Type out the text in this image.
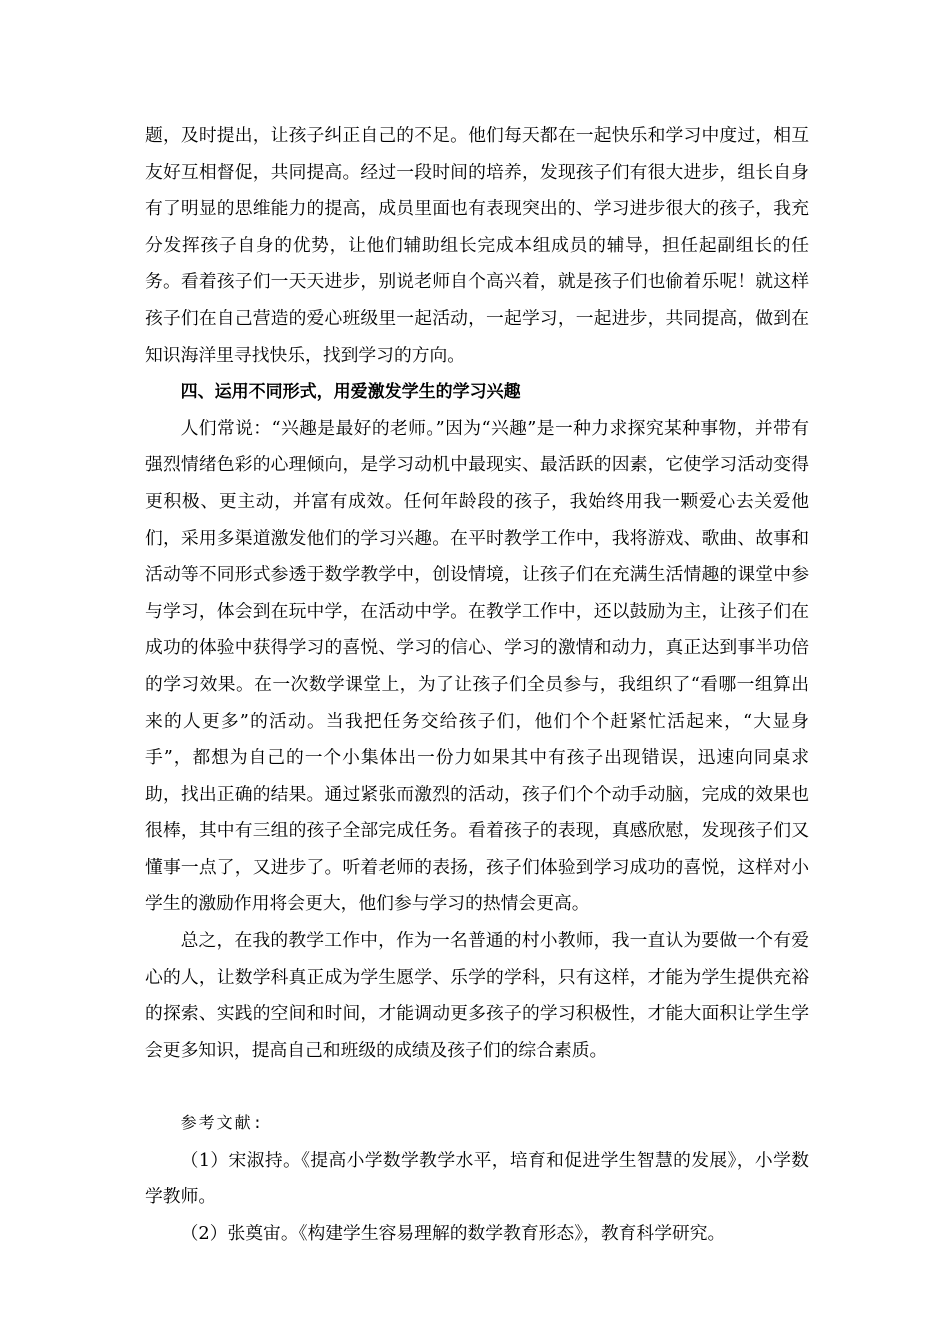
题，及时提出，让孩子纠正自己的不足。他们每天都在一起快乐和学习中度过，相互友好互相督促，共同提高。经过一段时间的培养，发现孩子们有很大进步，组长自身有了明显的思维能力的提高，成员里面也有表现突出的、学习进步很大的孩子，我充分发挥孩子自身的优势，让他们辅助组长完成本组成员的辅导，担任起副组长的任务。看着孩子们一天天进步，别说老师自个高兴着，就是孩子们也偷着乐呢！就这样孩子们在自己营造的爱心班级里一起活动，一起学习，一起进步，共同提高，做到在知识海洋里寻找快乐，找到学习的方向。

四、运用不同形式，用爱激发学生的学习兴趣

人们常说：“兴趣是最好的老师。”因为“兴趣”是一种力求探究某种事物，并带有强烈情绪色彩的心理倾向，是学习动机中最现实、最活跃的因素，它使学习活动变得更积极、更主动，并富有成效。任何年龄段的孩子，我始终用我一颗爱心去关爱他们，采用多渠道激发他们的学习兴趣。在平时教学工作中，我将游戏、歌曲、故事和活动等不同形式参透于数学教学中，创设情境，让孩子们在充满生活情趣的课堂中参与学习，体会到在玩中学，在活动中学。在教学工作中，还以鼓励为主，让孩子们在成功的体验中获得学习的喜悦、学习的信心、学习的激情和动力，真正达到事半功倍的学习效果。在一次数学课堂上，为了让孩子们全员参与，我组织了“看哪一组算出来的人更多”的活动。当我把任务交给孩子们，他们个个赶紧忙活起来，“大显身手”，都想为自己的一个小集体出一份力如果其中有孩子出现错误，迅速向同桌求助，找出正确的结果。通过紧张而激烈的活动，孩子们个个动手动脑，完成的效果也很棒，其中有三组的孩子全部完成任务。看着孩子的表现，真感欣慰，发现孩子们又懂事一点了，又进步了。听着老师的表扬，孩子们体验到学习成功的喜悦，这样对小学生的激励作用将会更大，他们参与学习的热情会更高。

总之，在我的教学工作中，作为一名普通的村小教师，我一直认为要做一个有爱心的人，让数学科真正成为学生愿学、乐学的学科，只有这样，才能为学生提供充裕的探索、实践的空间和时间，才能调动更多孩子的学习积极性，才能大面积让学生学会更多知识，提高自己和班级的成绩及孩子们的综合素质。

参考文献:

（1）宋淑持。《提高小学数学教学水平，培育和促进学生智慧的发展》，小学数学教师。

（2）张奠宙。《构建学生容易理解的数学教育形态》，教育科学研究。
